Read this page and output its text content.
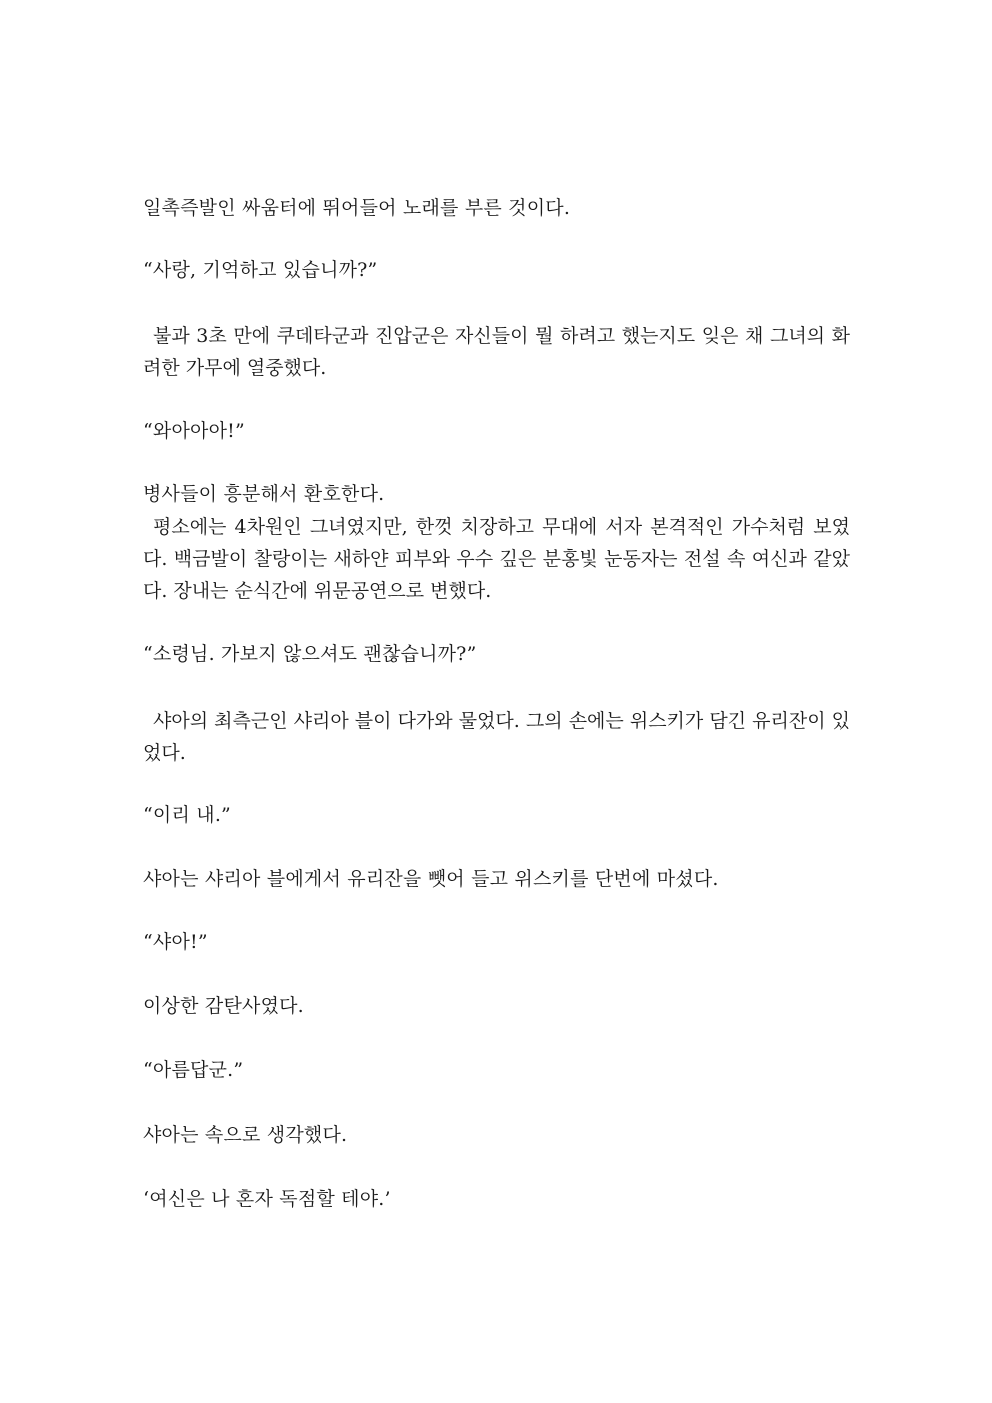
일촉즉발인 싸움터에 뛰어들어 노래를 부른 것이다.
“사랑, 기억하고 있습니까?”
불과 3초 만에 쿠데타군과 진압군은 자신들이 뭘 하려고 했는지도 잊은 채 그녀의 화려한 가무에 열중했다.
“와아아아!”
병사들이 흥분해서 환호한다.
평소에는 4차원인 그녀였지만, 한껏 치장하고 무대에 서자 본격적인 가수처럼 보였다. 백금발이 찰랑이는 새하얀 피부와 우수 깊은 분홍빛 눈동자는 전설 속 여신과 같았다. 장내는 순식간에 위문공연으로 변했다.
“소령님. 가보지 않으셔도 괜찮습니까?”
샤아의 최측근인 샤리아 블이 다가와 물었다. 그의 손에는 위스키가 담긴 유리잔이 있었다.
“이리 내.”
샤아는 샤리아 블에게서 유리잔을 뺏어 들고 위스키를 단번에 마셨다.
“샤아!”
이상한 감탄사였다.
“아름답군.”
샤아는 속으로 생각했다.
‘여신은 나 혼자 독점할 테야.’
